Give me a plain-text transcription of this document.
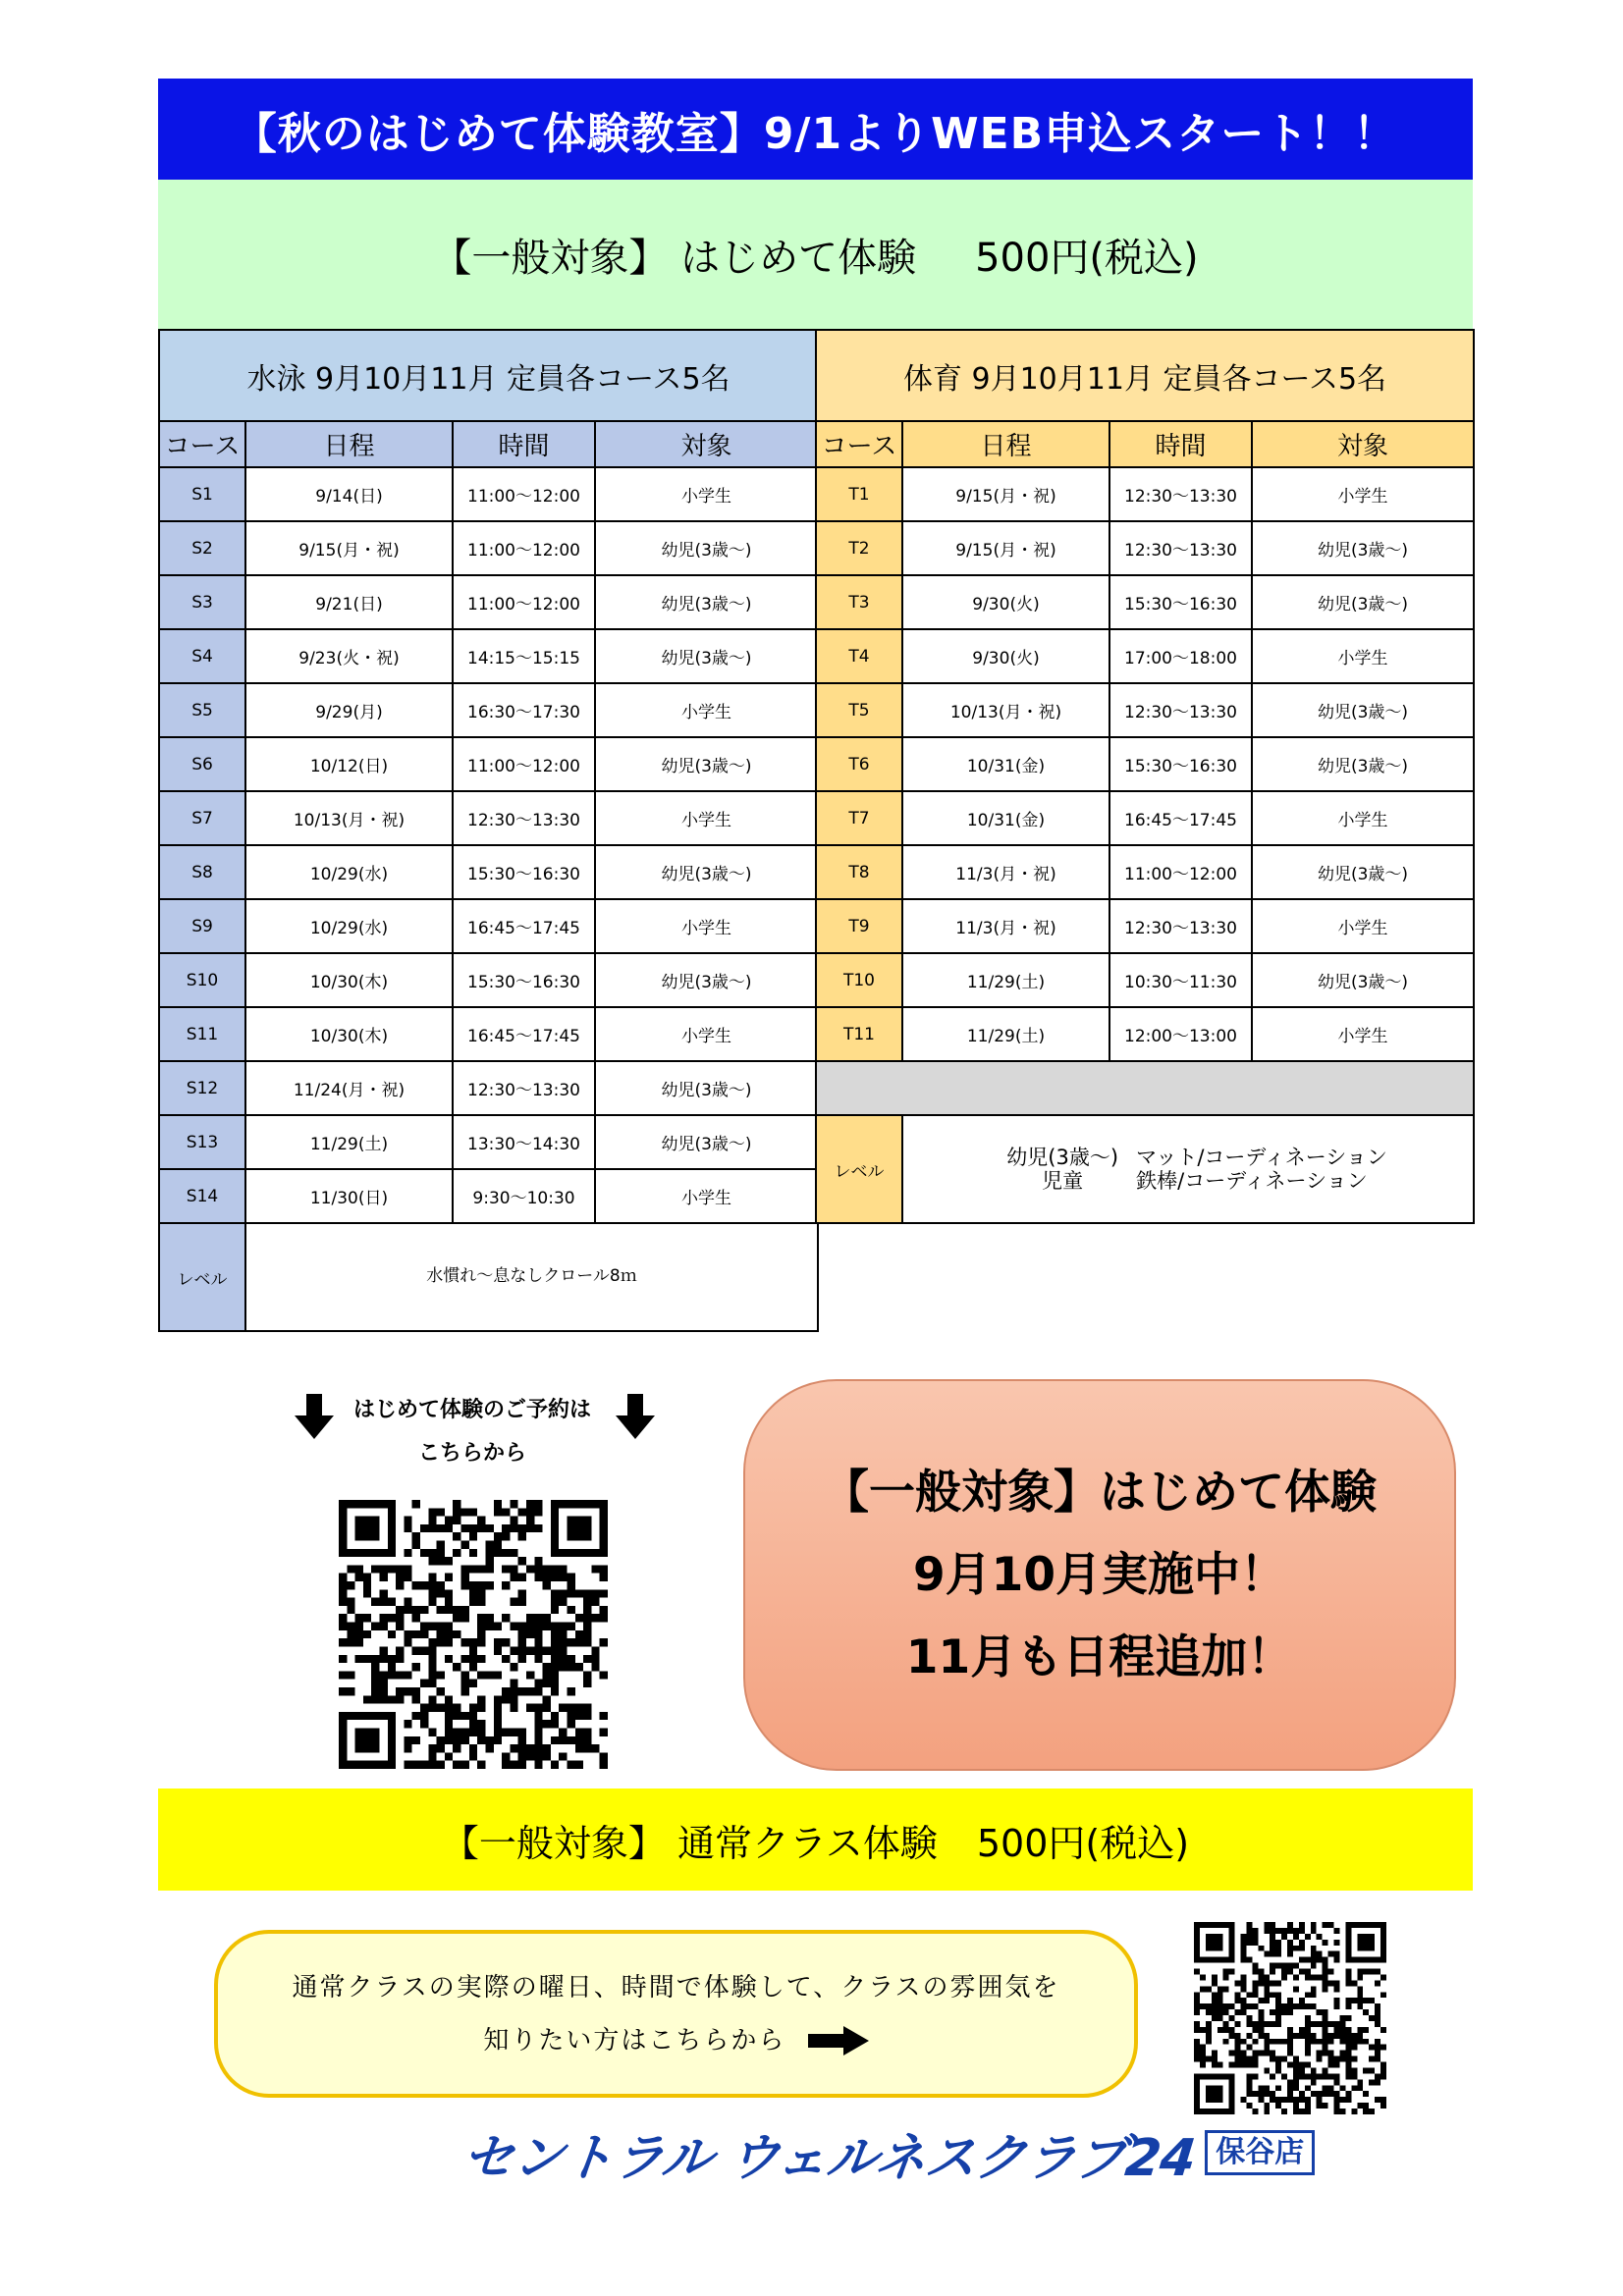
【秋のはじめて体験教室】9/1よりWEB申込スタート！！
【一般対象】 はじめて体験 500円(税込)
水泳 9月10月11月 定員各コース5名			
コース	日程	時間	対象
S1	9/14(日)	11:00～12:00	小学生
S2	9/15(月・祝)	11:00～12:00	幼児(3歳～)
S3	9/21(日)	11:00～12:00	幼児(3歳～)
S4	9/23(火・祝)	14:15～15:15	幼児(3歳～)
S5	9/29(月)	16:30～17:30	小学生
S6	10/12(日)	11:00～12:00	幼児(3歳～)
S7	10/13(月・祝)	12:30～13:30	小学生
S8	10/29(水)	15:30～16:30	幼児(3歳～)
S9	10/29(水)	16:45～17:45	小学生
S10	10/30(木)	15:30～16:30	幼児(3歳～)
S11	10/30(木)	16:45～17:45	小学生
S12	11/24(月・祝)	12:30～13:30	幼児(3歳～)
S13	11/29(土)	13:30～14:30	幼児(3歳～)
S14	11/30(日)	9:30～10:30	小学生
レベル	水慣れ～息なしクロール8ｍ		
体育 9月10月11月 定員各コース5名			
コース	日程	時間	対象
T1	9/15(月・祝)	12:30～13:30	小学生
T2	9/15(月・祝)	12:30～13:30	幼児(3歳～)
T3	9/30(火)	15:30～16:30	幼児(3歳～)
T4	9/30(火)	17:00～18:00	小学生
T5	10/13(月・祝)	12:30～13:30	幼児(3歳～)
T6	10/31(金)	15:30～16:30	幼児(3歳～)
T7	10/31(金)	16:45～17:45	小学生
T8	11/3(月・祝)	11:00～12:00	幼児(3歳～)
T9	11/3(月・祝)	12:30～13:30	小学生
T10	11/29(土)	10:30～11:30	幼児(3歳～)
T11	11/29(土)	12:00～13:00	小学生

レベル	幼児(3歳～) マット/コーディネーション
児童 鉄棒/コーディネーション		
はじめて体験のご予約は
こちらから
【一般対象】はじめて体験
9月10月実施中！
11月も日程追加！
【一般対象】 通常クラス体験 500円(税込)
通常クラスの実際の曜日、時間で体験して、クラスの雰囲気を
知りたい方はこちらから
セントラル ウェルネスクラブ24 保谷店
